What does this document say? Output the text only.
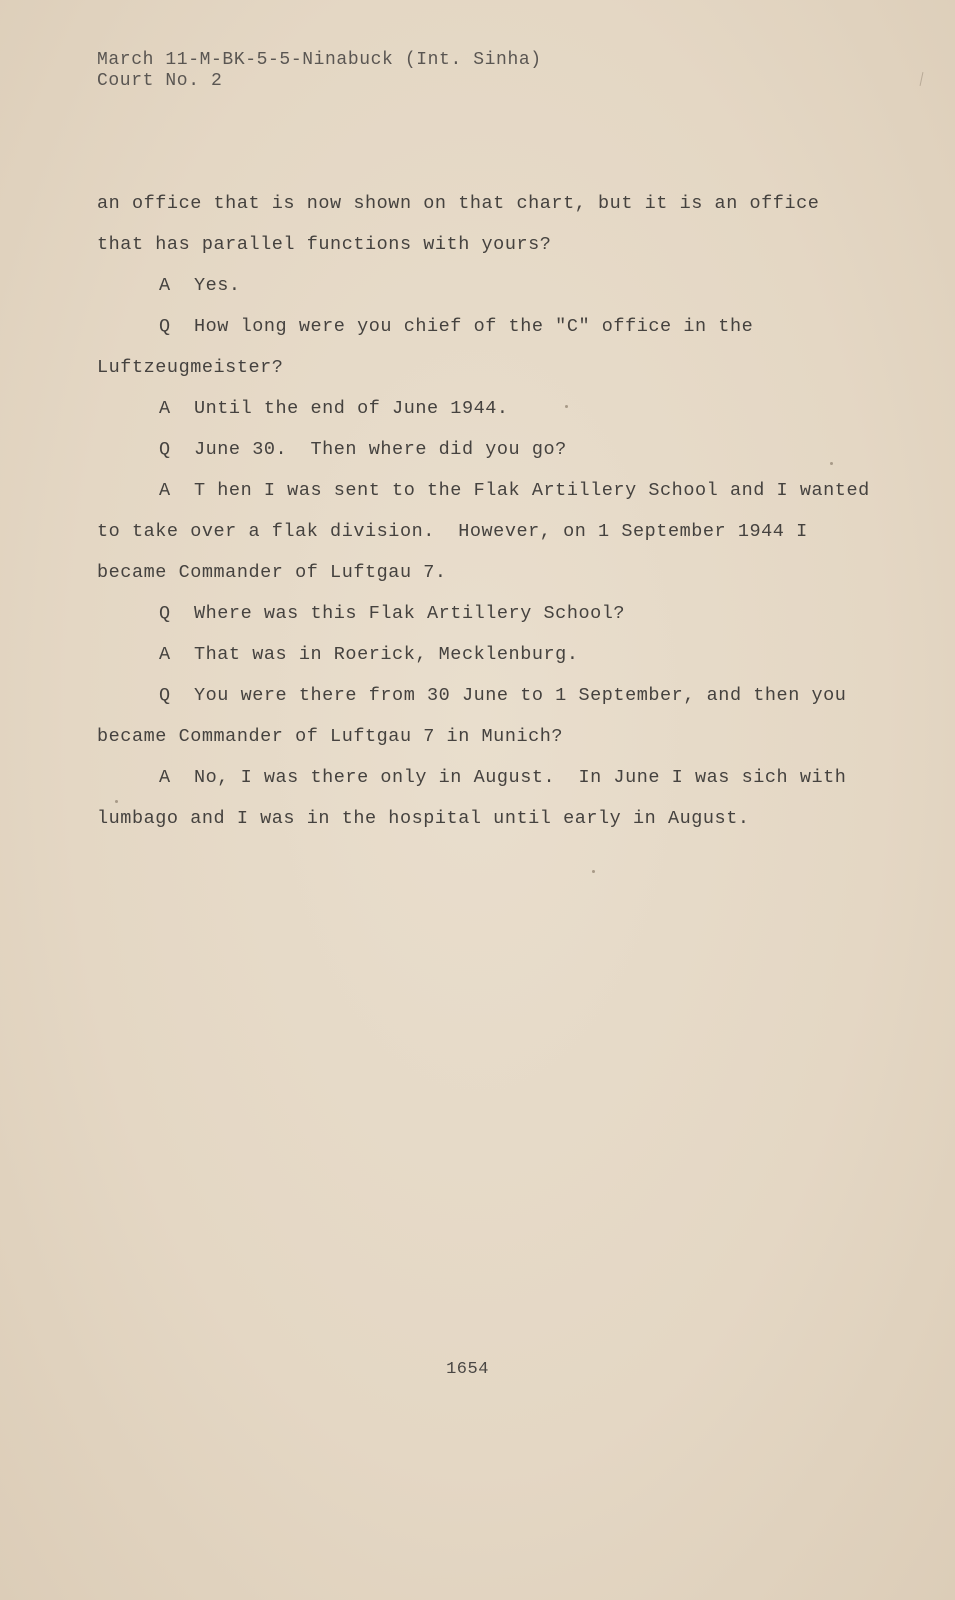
March 11-M-BK-5-5-Ninabuck (Int. Sinha)
Court No. 2
an office that is now shown on that chart, but it is an office
that has parallel functions with yours?
A  Yes.
Q  How long were you chief of the "C" office in the
Luftzeugmeister?
A  Until the end of June 1944.
Q  June 30.  Then where did you go?
A  T hen I was sent to the Flak Artillery School and I wanted
to take over a flak division.  However, on 1 September 1944 I
became Commander of Luftgau 7.
Q  Where was this Flak Artillery School?
A  That was in Roerick, Mecklenburg.
Q  You were there from 30 June to 1 September, and then you
became Commander of Luftgau 7 in Munich?
A  No, I was there only in August.  In June I was sich with
lumbago and I was in the hospital until early in August.
1654
